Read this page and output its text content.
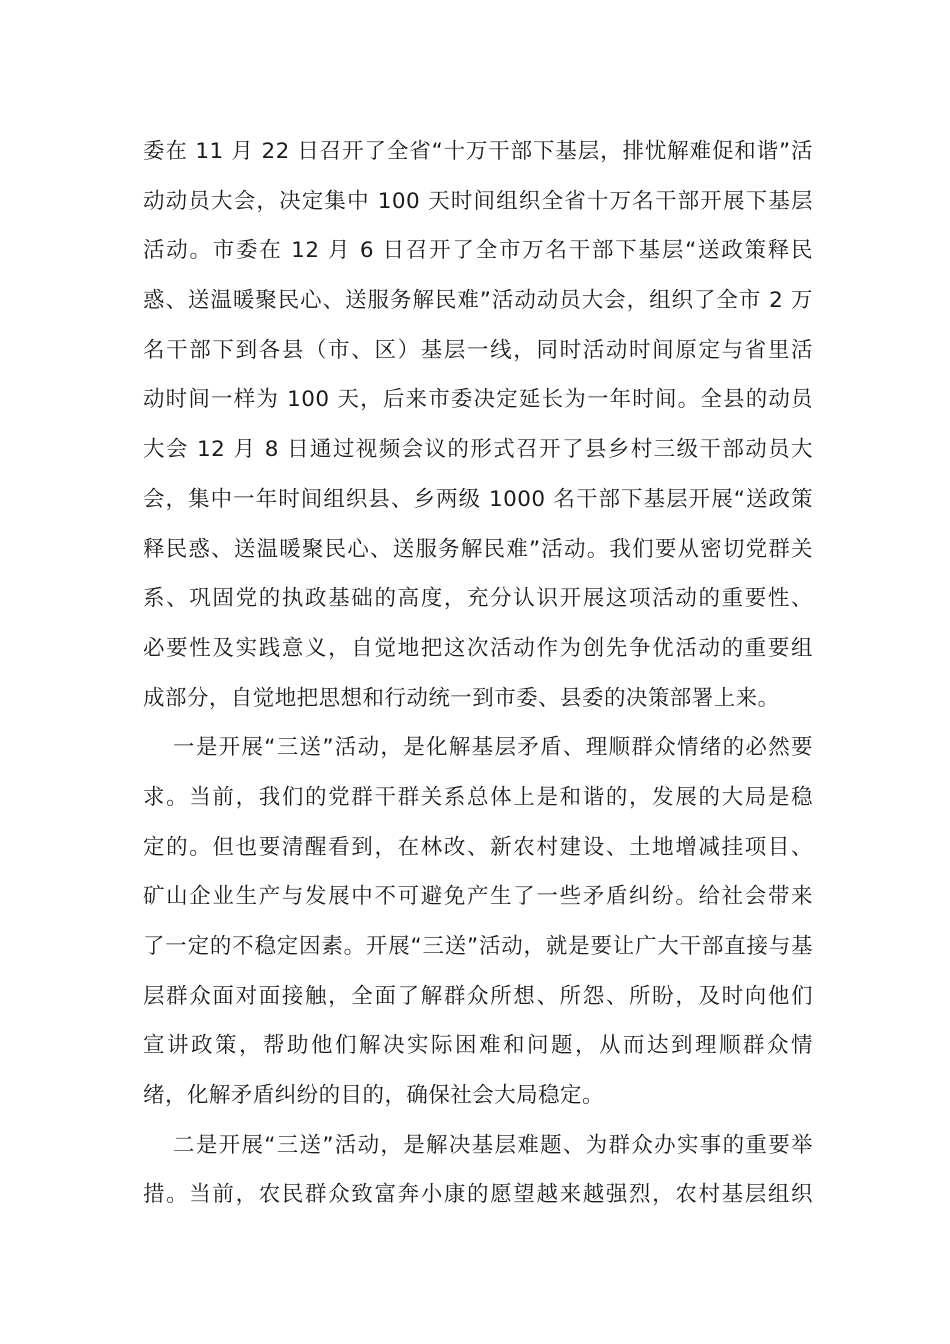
委在 11 月 22 日召开了全省“十万干部下基层，排忧解难促和谐”活
动动员大会，决定集中 100 天时间组织全省十万名干部开展下基层
活动。市委在 12 月 6 日召开了全市万名干部下基层“送政策释民
惑、送温暖聚民心、送服务解民难”活动动员大会，组织了全市 2 万
名干部下到各县（市、区）基层一线，同时活动时间原定与省里活
动时间一样为 100 天，后来市委决定延长为一年时间。全县的动员
大会 12 月 8 日通过视频会议的形式召开了县乡村三级干部动员大
会，集中一年时间组织县、乡两级 1000 名干部下基层开展“送政策
释民惑、送温暖聚民心、送服务解民难”活动。我们要从密切党群关
系、巩固党的执政基础的高度，充分认识开展这项活动的重要性、
必要性及实践意义，自觉地把这次活动作为创先争优活动的重要组
成部分，自觉地把思想和行动统一到市委、县委的决策部署上来。
一是开展“三送”活动，是化解基层矛盾、理顺群众情绪的必然要
求。当前，我们的党群干群关系总体上是和谐的，发展的大局是稳
定的。但也要清醒看到，在林改、新农村建设、土地增减挂项目、
矿山企业生产与发展中不可避免产生了一些矛盾纠纷。给社会带来
了一定的不稳定因素。开展“三送”活动，就是要让广大干部直接与基
层群众面对面接触，全面了解群众所想、所怨、所盼，及时向他们
宣讲政策，帮助他们解决实际困难和问题，从而达到理顺群众情
绪，化解矛盾纠纷的目的，确保社会大局稳定。
二是开展“三送”活动，是解决基层难题、为群众办实事的重要举
措。当前，农民群众致富奔小康的愿望越来越强烈，农村基层组织
